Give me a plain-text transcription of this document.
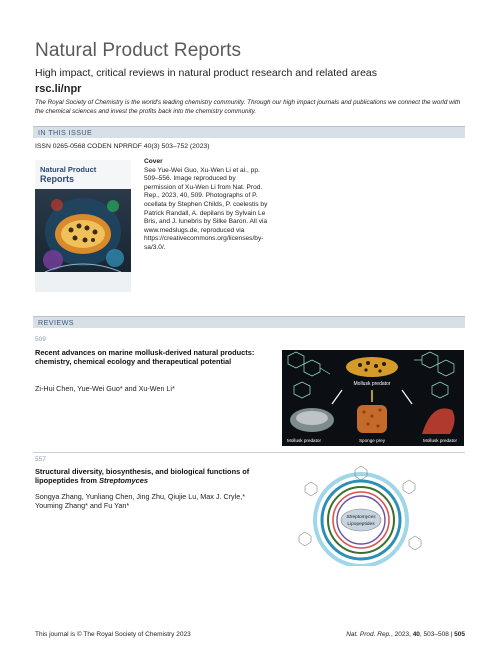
Natural Product Reports
High impact, critical reviews in natural product research and related areas
rsc.li/npr
The Royal Society of Chemistry is the world's leading chemistry community. Through our high impact journals and publications we connect the world with the chemical sciences and invest the profits back into the chemistry community.
IN THIS ISSUE
ISSN 0265-0568 CODEN NPRRDF 40(3) 503–752 (2023)
Natural Product
Reports
Cover
See Yue-Wei Guo, Xu-Wen Li et al., pp. 509–556. Image reproduced by permission of Xu-Wen Li from Nat. Prod. Rep., 2023, 40, 509. Photographs of P. ocellata by Stephen Childs, P. coelestis by Patrick Randall, A. depilans by Sylvain Le Bris, and J. lunebris by Silke Baron. All via www.medslugs.de, reproduced via https://creativecommons.org/licenses/by-sa/3.0/.
REVIEWS
509
Recent advances on marine mollusk-derived natural products: chemistry, chemical ecology and therapeutical potential
Zi-Hui Chen, Yue-Wei Guo* and Xu-Wen Li*	Mollusk predator
Mollusk predator	Sponge prey	Mollusk predator
557
Structural diversity, biosynthesis, and biological functions of lipopeptides from Streptomyces
Songya Zhang, Yunliang Chen, Jing Zhu, Qiujie Lu, Max J. Cryle,* Youming Zhang* and Fu Yan*
Streptomyces
Lipopeptides
This journal is © The Royal Society of Chemistry 2023	Nat. Prod. Rep., 2023, 40, 503–508 | 505
